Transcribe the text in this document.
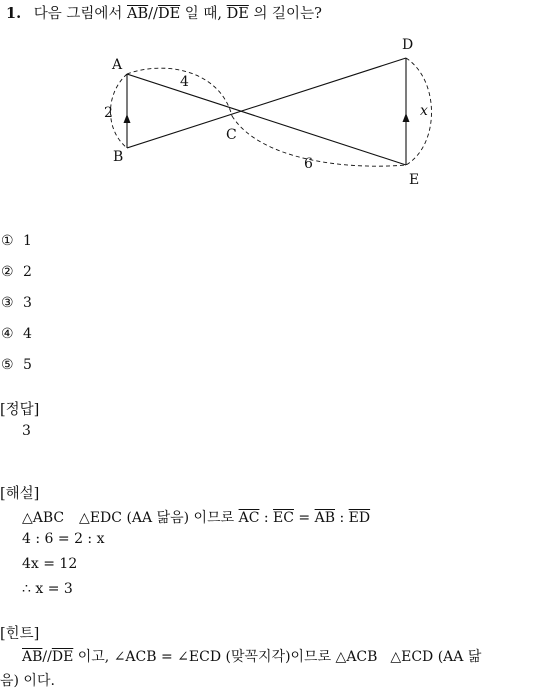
1. 다음 그림에서 $\overline{AB}//\overline{DE}$ 일 때, $\overline{DE}$ 의 길이는?
A
B
C
D
E
4
6
2	x
① 1
② 2
③ 3
④ 4
⑤ 5
[정답]
3
[해설]
△ABC △EDC (AA 닮음) 이므로 $\overline{AC}$ : $\overline{EC} = \overline{AB}$ : $\overline{ED}$
4 : 6 = 2 : x
4x = 12
∴ x = 3
[힌트]
$\overline{AB}//\overline{DE}$ 이고, ∠ACB = ∠ECD (맞꼭지각)이므로 △ACB △ECD (AA 닮
음) 이다.
